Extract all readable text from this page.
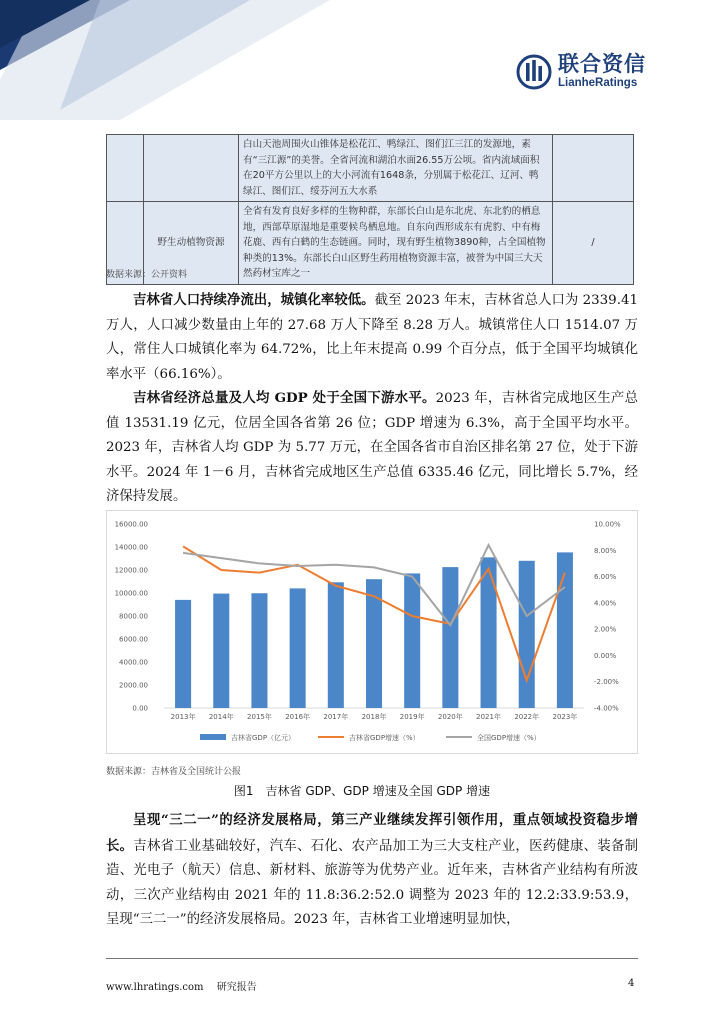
联合资信
LianheRatings
		白山天池周围火山锥体是松花江、鸭绿江、图们江三江的发源地，素有“三江源”的美誉。全省河流和湖泊水面26.55万公顷。省内流域面积在20平方公里以上的大小河流有1648条，分别属于松花江、辽河、鸭绿江、图们江、绥芬河五大水系	
	野生动植物资源	全省有发育良好多样的生物种群，东部长白山是东北虎、东北豹的栖息地，西部草原湿地是重要候鸟栖息地。自东向西形成东有虎豹、中有梅花鹿、西有白鹤的生态链画。同时，现有野生植物3890种，占全国植物种类的13%。东部长白山区野生药用植物资源丰富，被誉为中国三大天然药材宝库之一	/
数据来源：公开资料
吉林省人口持续净流出，城镇化率较低。截至 2023 年末，吉林省总人口为 2339.41 万人，人口减少数量由上年的 27.68 万人下降至 8.28 万人。城镇常住人口 1514.07 万人，常住人口城镇化率为 64.72%，比上年末提高 0.99 个百分点，低于全国平均城镇化率水平（66.16%）。
吉林省经济总量及人均 GDP 处于全国下游水平。2023 年，吉林省完成地区生产总值 13531.19 亿元，位居全国各省第 26 位；GDP 增速为 6.3%，高于全国平均水平。2023 年，吉林省人均 GDP 为 5.77 万元，在全国各省市自治区排名第 27 位，处于下游水平。2024 年 1－6 月，吉林省完成地区生产总值 6335.46 亿元，同比增长 5.7%，经济保持发展。
0.00
2000.00
4000.00
6000.00
8000.00
10000.00
12000.00
14000.00
16000.00
-4.00%
-2.00%
0.00%
2.00%
4.00%
6.00%
8.00%
10.00%
2013年 2014年 2015年 2016年 2017年 2018年 2019年 2020年 2021年 2022年 2023年
吉林省GDP（亿元）	吉林省GDP增速（%）	全国GDP增速（%）
数据来源：吉林省及全国统计公报
图1　吉林省 GDP、GDP 增速及全国 GDP 增速
呈现“三二一”的经济发展格局，第三产业继续发挥引领作用，重点领域投资稳步增长。吉林省工业基础较好，汽车、石化、农产品加工为三大支柱产业，医药健康、装备制造、光电子（航天）信息、新材料、旅游等为优势产业。近年来，吉林省产业结构有所波动，三次产业结构由 2021 年的 11.8:36.2:52.0 调整为 2023 年的 12.2:33.9:53.9，呈现“三二一”的经济发展格局。2023 年，吉林省工业增速明显加快，
www.lhratings.com　 研究报告	4
